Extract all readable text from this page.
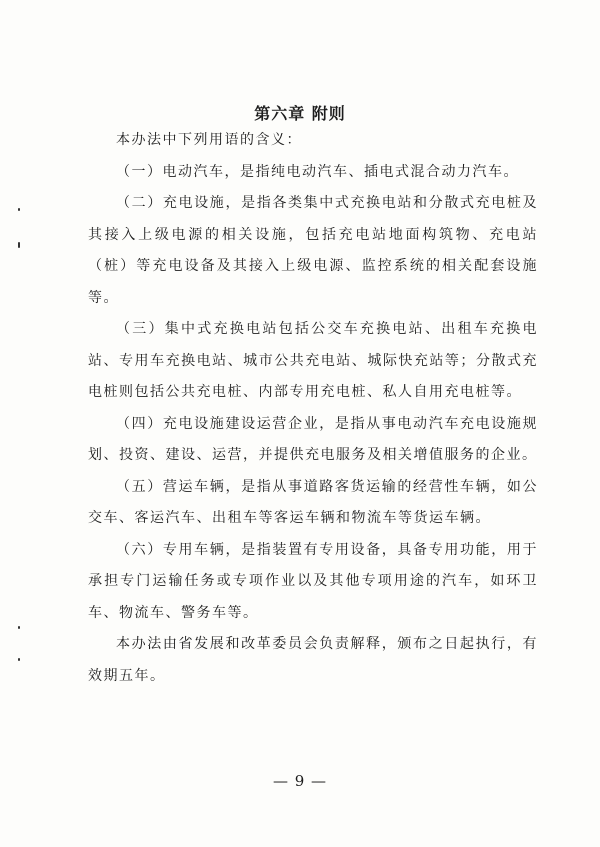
第六章 附则

本办法中下列用语的含义：

（一）电动汽车，是指纯电动汽车、插电式混合动力汽车。

（二）充电设施，是指各类集中式充换电站和分散式充电桩及其接入上级电源的相关设施，包括充电站地面构筑物、充电站（桩）等充电设备及其接入上级电源、监控系统的相关配套设施等。

（三）集中式充换电站包括公交车充换电站、出租车充换电站、专用车充换电站、城市公共充电站、城际快充站等；分散式充电桩则包括公共充电桩、内部专用充电桩、私人自用充电桩等。

（四）充电设施建设运营企业，是指从事电动汽车充电设施规划、投资、建设、运营，并提供充电服务及相关增值服务的企业。

（五）营运车辆，是指从事道路客货运输的经营性车辆，如公交车、客运汽车、出租车等客运车辆和物流车等货运车辆。

（六）专用车辆，是指装置有专用设备，具备专用功能，用于承担专门运输任务或专项作业以及其他专项用途的汽车，如环卫车、物流车、警务车等。

本办法由省发展和改革委员会负责解释，颁布之日起执行，有效期五年。

— 9 —
